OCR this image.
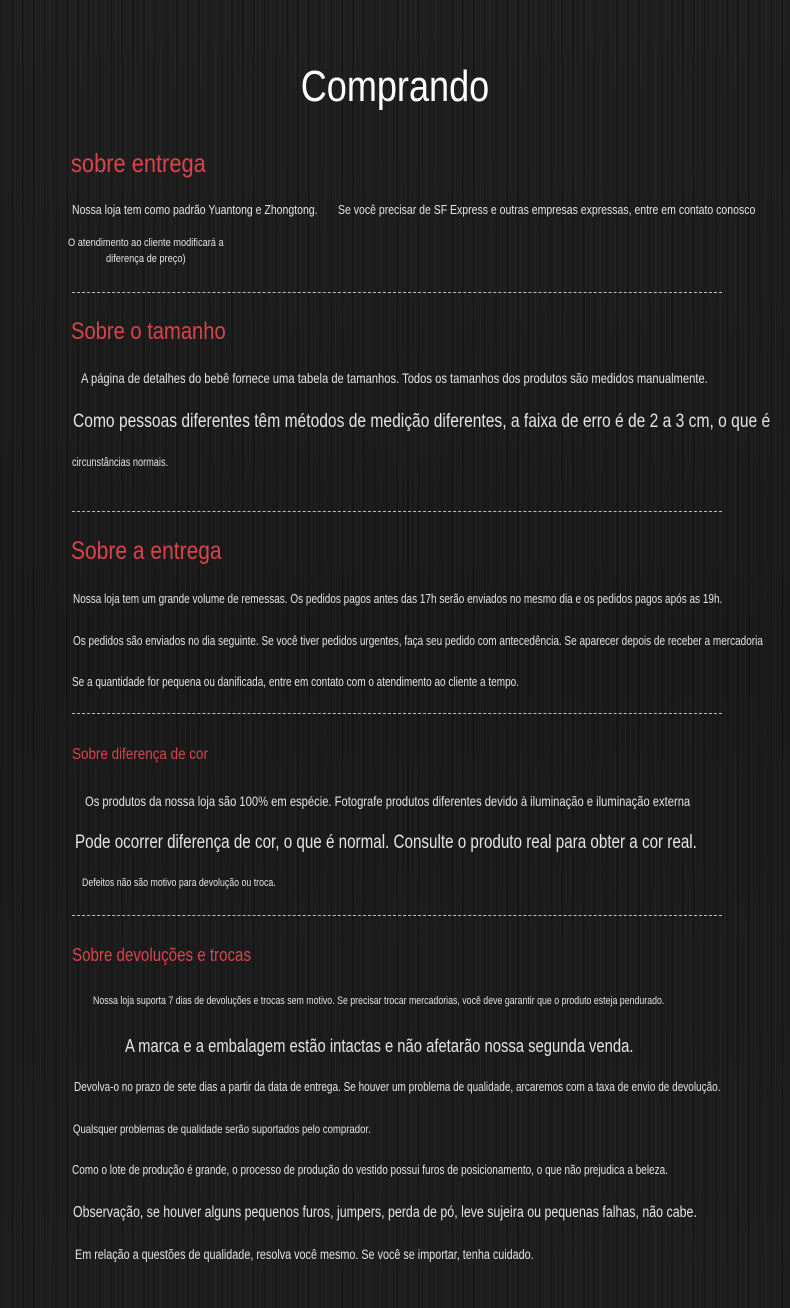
Comprando
sobre entrega
Nossa loja tem como padrão Yuantong e Zhongtong.	Se você precisar de SF Express e outras empresas expressas, entre em contato conosco
O atendimento ao cliente modificará a
diferença de preço)
Sobre o tamanho
A página de detalhes do bebê fornece uma tabela de tamanhos. Todos os tamanhos dos produtos são medidos manualmente.
Como pessoas diferentes têm métodos de medição diferentes, a faixa de erro é de 2 a 3 cm, o que é
circunstâncias normais.
Sobre a entrega
Nossa loja tem um grande volume de remessas. Os pedidos pagos antes das 17h serão enviados no mesmo dia e os pedidos pagos após as 19h.
Os pedidos são enviados no dia seguinte. Se você tiver pedidos urgentes, faça seu pedido com antecedência. Se aparecer depois de receber a mercadoria
Se a quantidade for pequena ou danificada, entre em contato com o atendimento ao cliente a tempo.
Sobre diferença de cor
Os produtos da nossa loja são 100% em espécie. Fotografe produtos diferentes devido à iluminação e iluminação externa
Pode ocorrer diferença de cor, o que é normal. Consulte o produto real para obter a cor real.
Defeitos não são motivo para devolução ou troca.
Sobre devoluções e trocas
Nossa loja suporta 7 dias de devoluções e trocas sem motivo. Se precisar trocar mercadorias, você deve garantir que o produto esteja pendurado.
A marca e a embalagem estão intactas e não afetarão nossa segunda venda.
Devolva-o no prazo de sete dias a partir da data de entrega. Se houver um problema de qualidade, arcaremos com a taxa de envio de devolução.
Qualsquer problemas de qualidade serão suportados pelo comprador.
Como o lote de produção é grande, o processo de produção do vestido possui furos de posicionamento, o que não prejudica a beleza.
Observação, se houver alguns pequenos furos, jumpers, perda de pó, leve sujeira ou pequenas falhas, não cabe.
Em relação a questões de qualidade, resolva você mesmo. Se você se importar, tenha cuidado.
